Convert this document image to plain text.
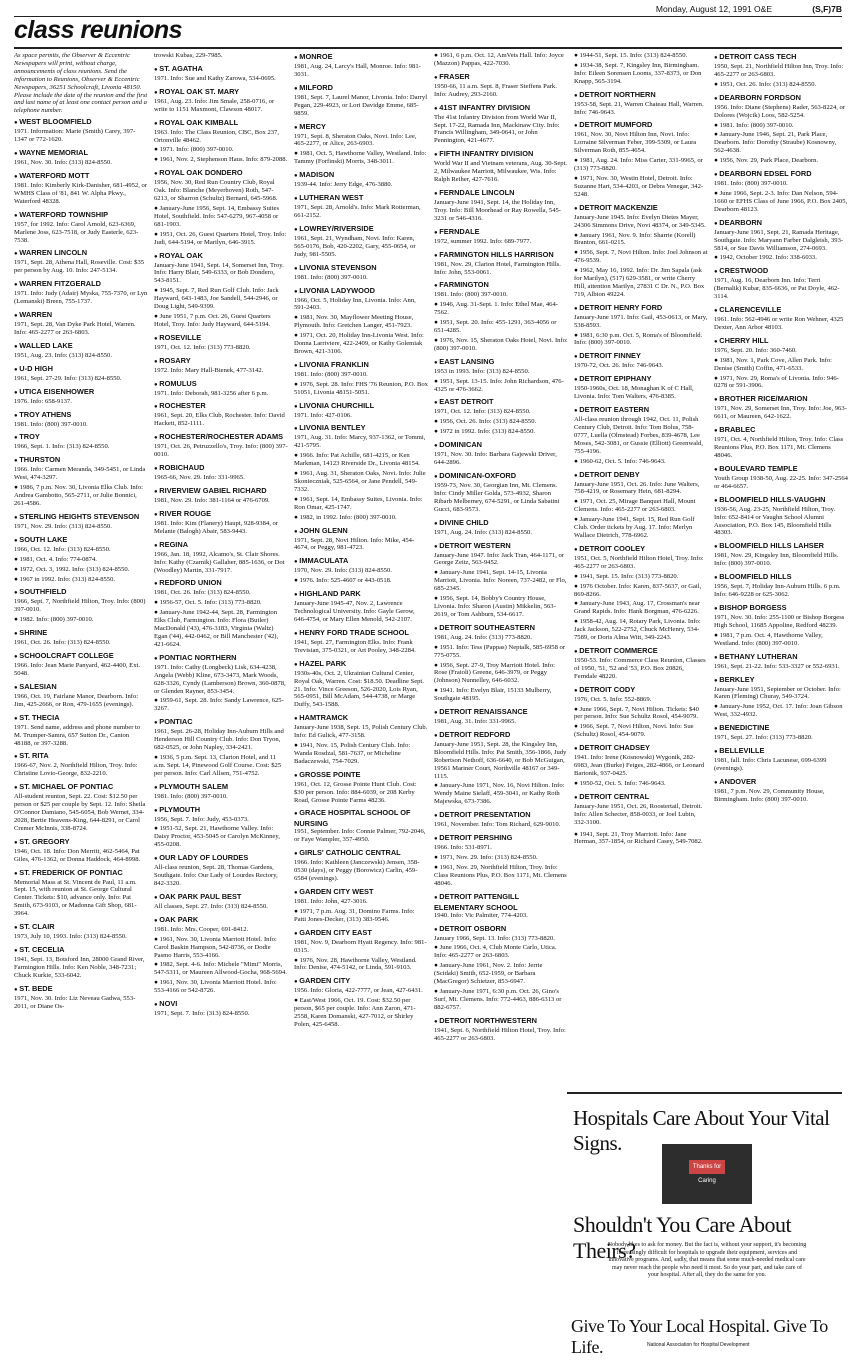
Monday, August 12, 1991 O&E	(S,F)7B
class reunions

As space permits, the Observer & Eccentric Newspapers will print, without charge, announcements of class reunions. Send the information to Reunions, Observer & Eccentric Newspapers, 36251 Schoolcraft, Livonia 48150. Please include the date of the reunion and the first and last name of at least one contact person and a telephone number.

● WEST BLOOMFIELD

1971. Information: Marie (Smith) Carey, 397-1347 or 772-1620.

● WAYNE MEMORIAL

1961, Nov. 30. Info: (313) 824-8550.

● WATERFORD MOTT

1981. Info: Kimberly Kirk-Danisher, 681-4952, or WMHS Class of '81, 841 W. Alpha Pkwy., Waterford 48328.

● WATERFORD TOWNSHIP

1957, for 1992. Info: Carol Arnold, 623-6369, Marlene Joss, 623-7518, or Judy Easterle, 623-7538.

● WARREN LINCOLN

1971, Sept. 28, Athena Hall, Roseville. Cost: $35 per person by Aug. 10. Info: 247-5134.

● WARREN FITZGERALD

1971. Info: Judy (Adair) Myska, 755-7370, or Lyn (Lemanski) Breen, 755-1737.

● WARREN

1971, Sept. 28, Van Dyke Park Hotel, Warren. Info: 465-2277 or 263-6803.

● WALLED LAKE

1951, Aug. 23. Info: (313) 824-8550.

● U-D HIGH

1961, Sept. 27-29. Info: (313) 824-8550.

● UTICA EISENHOWER

1976. Info: 658-9137.

● TROY ATHENS

1981. Info: (800) 397-0010.

● TROY

1966, Sept. 1. Info: (313) 824-8550.

● THURSTON

1966. Info: Carmen Meranda, 349-5451, or Linda West, 474-3297.

● 1986, 7 p.m. Nov. 30, Livonia Elks Club. Info: Andrea Gambotto, 565-2711, or Julie Bonnici, 261-4586.

● STERLING HEIGHTS STEVENSON

1971, Nov. 29. Info: (313) 824-8550.

● SOUTH LAKE

1966, Oct. 12. Info: (313) 824-8550.

● 1981, Oct. 4. Info: 774-0874.

● 1972, Oct. 3, 1992. Info: (313) 824-8550.

● 1967 in 1992. Info: (313) 824-8550.

● SOUTHFIELD

1966, Sept. 7, Northfield Hilton, Troy. Info: (800) 397-0010.

● 1982. Info: (800) 397-0010.

● SHRINE

1961, Oct. 26. Info: (313) 824-8550.

● SCHOOLCRAFT COLLEGE

1966. Info: Jean Marie Panyard, 462-4400, Ext. 5048.

● SALESIAN

1966, Oct. 19, Fairlane Manor, Dearborn. Info: Jim, 425-2666, or Ron, 479-1655 (evenings).

● ST. THECIA

1971. Send name, address and phone number to M. Trumper-Samra, 657 Sutton Dr., Canton 48188, or 397-3288.

● ST. RITA

1966-67, Nov. 2, Northfield Hilton, Troy. Info: Christine Lovio-George, 832-2210.

● ST. MICHAEL OF PONTIAC

All-student reunion, Sept. 22. Cost: $12.50 per person or $25 per couple by Sept. 12. Info: Sheila O'Connor Damiano, 545-6054, Bob Wernet, 334-2028, Bertie Heavens-King, 644-8291, or Carol Cremer McInnis, 338-8724.

● ST. GREGORY

1946, Oct. 18. Info: Don Merritt, 462-5464, Pat Giles, 476-1362, or Donna Haddock, 464-8998.

● ST. FREDERICK OF PONTIAC

Memorial Mass at St. Vincent de Paul, 11 a.m. Sept. 15, with reunion at St. George Cultural Center. Tickets: $10, advance only. Info: Pat Smith, 673-9103, or Madonna Gift Shop, 681-3964.

● ST. CLAIR

1973, July 10, 1993. Info: (313) 824-8550.

● ST. CECELIA

1941, Sept. 13, Botsford Inn, 28000 Grand River, Farmington Hills. Info: Ken Noble, 348-7231; Chuck Kurkie, 533-6042.

● ST. BEDE

1971, Nov. 30. Info: Liz Neveau Gadwa, 553-2011, or Diane Os-

trowski Kubas, 229-7985.

● ST. AGATHA

1971. Info: Sue and Kathy Zarowa, 534-0695.

● ROYAL OAK ST. MARY

1961, Aug. 23. Info: Jim Smale, 258-0716, or write to 1151 Maxmont, Clawson 48017.

● ROYAL OAK KIMBALL

1963. Info: The Class Reunion, CBC, Box 237, Ortonville 48462.

● 1971. Info: (800) 397-0010.

● 1961, Nov. 2, Stephenson Haus. Info: 879-2088.

● ROYAL OAK DONDERO

1956, Nov. 30, Red Run Country Club, Royal Oak. Info: Blanche (Meyerhoven) Roth, 547-6213, or Sharron (Schultz) Bernard, 645-5968.

● January-June 1956, Sept. 14, Embassy Suites Hotel, Southfield. Info: 547-6279, 967-4058 or 681-1903.

● 1951, Oct. 26, Guest Quarters Hotel, Troy. Info: Judi, 644-5194, or Marilyn, 646-3915.

● ROYAL OAK

January-June 1941, Sept. 14, Somerset Inn, Troy. Info: Harry Blair, 549-6333, or Bob Dondero, 543-8151.

● 1945, Sept. 7, Red Run Golf Club. Info: Jack Hayward, 643-1483, Joe Sandell, 544-2946, or Doug Light, 549-9399.

● June 1951, 7 p.m. Oct. 26, Guest Quarters Hotel, Troy. Info: Judy Hayward, 644-5194.

● ROSEVILLE

1971, Oct. 12. Info: (313) 773-8820.

● ROSARY

1972. Info: Mary Hall-Bienek, 477-3142.

● ROMULUS

1971. Info: Deborah, 981-3256 after 6 p.m.

● ROCHESTER

1961, Sept. 20, Elks Club, Rochester. Info: David Hackett, 852-1111.

● ROCHESTER/ROCHESTER ADAMS

1971, Oct. 26, Petruzzello's, Troy. Info: (800) 397-0010.

● ROBICHAUD

1965-66, Nov. 29. Info: 331-9965.

● RIVERVIEW GABIEL RICHARD

1981, Nov. 29. Info: 381-1164 or 476-6709.

● RIVER ROUGE

1981. Info: Kim (Flanery) Haupt, 928-9384, or Melanie (Balogh) Abair, 583-9443.

● REGINA

1966, Jan. 18, 1992, Alcamo's, St. Clair Shores. Info: Kathy (Czarnik) Gallaher, 885-1636, or Dot (Woodley) Martin, 331-7917.

● REDFORD UNION

1981, Oct. 26. Info: (313) 824-8550.

● 1956-57, Oct. 5. Info: (313) 773-8820.

● January-June 1942-44, Sept. 28, Farmington Elks Club, Farmington. Info: Flora (Butler) MacDonald ('43), 476-3183, Virginia (Waltz) Egan ('44), 442-0462, or Bill Manchester ('42), 421-6624.

● PONTIAC NORTHERN

1971. Info: Cathy (Longbeck) Lisk, 634-4238, Angela (Webb) Kline, 673-3473, Mark Woods, 628-3326, Cyndy (Lamberson) Brown, 360-0878, or Glenden Rayner, 853-3454.

● 1959-61, Sept. 28. Info: Sandy Lawrence, 625-3267.

● PONTIAC

1961, Sept. 26-28, Holiday Inn-Auburn Hills and Henderson Hill Country Club. Info: Don Tryon, 682-0525, or John Napley, 334-2421.

● 1936, 5 p.m. Sept. 13, Clarion Hotel, and 11 a.m. Sept. 14, Pinewood Golf Course. Cost: $25 per person. Info: Carl Allsen, 751-4752.

● PLYMOUTH SALEM

1981. Info: (800) 397-0010.

● PLYMOUTH

1956, Sept. 7. Info: Judy, 453-0373.

● 1951-52, Sept. 21, Hawthorne Valley. Info: Daisy Proctor, 453-5045 or Carolyn McKinney, 455-0208.

● OUR LADY OF LOURDES

All-class reunion, Sept. 28, Thomas Gardens, Southgate. Info: Our Lady of Lourdes Rectory, 842-3320.

● OAK PARK PAUL BEST

All classes, Sept. 27. Info: (313) 824-8550.

● OAK PARK

1981. Info: Mrs. Cooper, 691-8412.

● 1961, Nov. 30, Livonia Marriott Hotel. Info: Carol Baskin Hampson, 542-8736, or Dodie Pasmo Harris, 553-4166.

● 1982, Sept. 4-6. Info: Michele "Mimi" Morris, 547-5311, or Maureen Allwood-Gocha, 968-5694.

● 1961, Nov. 30, Livonia Marriott Hotel. Info: 553-4166 or 542-8726.

● NOVI

1971, Sept. 7. Info: (313) 824-8550.

● MONROE

1981, Aug. 24, Larcy's Hall, Monroe. Info: 981-3031.

● MILFORD

1981, Sept. 7, Laurel Manor, Livonia. Info: Darryl Pegan, 229-4923, or Lori Davidge Emme, 685-9859.

● MERCY

1971, Sept. 8, Sheraton Oaks, Novi. Info: Lee, 465-2277, or Alice, 263-6903.

● 1981, Oct. 5, Hawthorne Valley, Westland. Info: Tammy (Forfinski) Morris, 348-3011.

● MADISON

1939-44. Info: Jerry Edge, 476-3880.

● LUTHERAN WEST

1971, Sept. 28, Arnold's. Info: Mark Rotterman, 661-2152.

● LOWREY/RIVERSIDE

1961, Sept. 21, Wyndham, Novi. Info: Karen, 565-0176, Bob, 420-2202, Gary, 455-0654, or Judy, 981-5505.

● LIVONIA STEVENSON

1981. Info: (800) 397-0010.

● LIVONIA LADYWOOD

1966, Oct. 5, Holiday Inn, Livonia. Info: Ann, 591-2403.

● 1981, Nov. 30, Mayflower Meeting House, Plymouth. Info: Gretchen Langer, 451-7923.

● 1971, Oct. 20, Holiday Inn-Livonia West. Info: Donna Larriviere, 422-2409, or Kathy Golemiak Brown, 421-3106.

● LIVONIA FRANKLIN

1981. Info: (800) 397-0010.

● 1976, Sept. 28. Info: FHS '76 Reunion, P.O. Box 51051, Livonia 48151-5051.

● LIVONIA CHURCHILL

1971. Info: 427-0106.

● LIVONIA BENTLEY

1971, Aug. 31. Info: Marcy, 937-1362, or Tommi, 421-5795.

● 1966. Info: Pat Achille, 681-4215, or Ken Markman, 14123 Riverside Dr., Livonia 48154.

● 1961, Aug. 31, Sheraton Oaks, Novi. Info: Julie Skonieczniak, 525-6564, or Jane Pendell, 549-7332.

● 1961, Sept. 14, Embassy Suites, Livonia. Info: Ron Omar, 425-1747.

● 1982, in 1992. Info: (800) 397-0010.

● JOHN GLENN

1971, Sept. 28, Novi Hilton. Info: Mike, 454-4674, or Peggy, 981-4723.

● IMMACULATA

1970, Nov. 29. Info: (313) 824-8550.

● 1976. Info: 525-4607 or 443-0518.

● HIGHLAND PARK

January-June 1945-47, Nov. 2, Lawrence Technological University. Info: Gayle Gerow, 646-4754, or Mary Ellen Menold, 542-2107.

● HENRY FORD TRADE SCHOOL

1941, Sept. 27, Farmington Elks. Info: Frank Trevisian, 375-0321, or Art Pooley, 348-2284.

● HAZEL PARK

1930s-40s, Oct. 2, Ukrainian Cultural Center, Royal Oak, Warren. Cost: $18.50. Deadline Sept. 21. Info: Vince Greeson, 526-2020, Lois Ryan, 565-0951, Bill McAdam, 544-4738, or Marge Duffy, 543-1588.

● HAMTRAMCK

January-June 1938, Sept. 15, Polish Century Club. Info: Ed Gulick, 477-3158.

● 1941, Nov. 15, Polish Century Club. Info: Wanda Rosdzal, 581-7637, or Micheline Badaczewski, 754-7029.

● GROSSE POINTE

1961, Oct. 12, Grosse Pointe Hunt Club. Cost: $30 per person. Info: 884-6039, or 208 Kerby Road, Grosse Pointe Farms 48236.

● GRACE HOSPITAL SCHOOL OF NURSING

1951, September. Info: Connie Palmer, 792-2046, or Faye Wampler, 357-4950.

● GIRLS' CATHOLIC CENTRAL

1966. Info: Kathleen (Janczewski) Jensen, 358-0530 (days), or Peggy (Borowicz) Carlin, 459-6584 (evenings).

● GARDEN CITY WEST

1981. Info: John, 427-3016.

● 1971, 7 p.m. Aug. 31, Domino Farms. Info: Patti Jones-Decker, (313) 383-9546.

● GARDEN CITY EAST

1981, Nov. 9, Dearborn Hyatt Regency. Info: 981-0315.

● 1976, Nov. 28, Hawthorne Valley, Westland. Info: Denise, 474-5142, or Linda, 591-9103.

● GARDEN CITY

1956. Info: Gloria, 422-7777, or Jean, 427-6431.

● East/West 1966, Oct. 19. Cost: $32.50 per person, $65 per couple. Info: Ann Zaron, 471-2558, Karen Domanski, 427-7012, or Shirley Polen, 425-6458.

● 1961, 6 p.m. Oct. 12, AmVets Hall. Info: Joyce (Mazzon) Pappas, 422-7030.

● FRASER

1950-66, 11 a.m. Sept. 8, Fraser Steffens Park. Info: Audrey, 293-2160.

● 41ST INFANTRY DIVISION

The 41st Infantry Division from World War II, Sept. 17-22, Ramada Inn, Mackinaw City. Info: Francis Willingham, 349-0641, or John Pennington, 421-4677.

● FIFTH INFANTRY DIVISION

World War II and Vietnam veterans, Aug. 30-Sept. 2, Milwaukee Marriott, Milwaukee, Wis. Info: Ralph Reiher, 427-7616.

● FERNDALE LINCOLN

January-June 1941, Sept. 14, the Holiday Inn, Troy. Info: Bill Moorhead or Ray Rowella, 545-3231 or 546-4316.

● FERNDALE

1972, summer 1992. Info: 689-7977.

● FARMINGTON HILLS HARRISON

1981, Nov. 29, Clarion Hotel, Farmington Hills. Info: John, 553-0061.

● FARMINGTON

1981. Info: (800) 397-0010.

● 1946, Aug. 31-Sept. 1. Info: Ethel Mae, 464-7562.

● 1951, Sept. 20. Info: 455-1291, 363-4056 or 651-4285.

● 1976, Nov. 15, Sheraton Oaks Hotel, Novi. Info: (800) 397-0010.

● EAST LANSING

1953 in 1993. Info: (313) 824-8550.

● 1951, Sept. 13-15. Info: John Richardson, 476-4325 or 476-3662.

● EAST DETROIT

1971, Oct. 12. Info: (313) 824-8550.

● 1956, Oct. 26. Info: (313) 824-8550.

● 1972 in 1992. Info: (313) 824-8550.

● DOMINICAN

1971, Nov. 30. Info: Barbara Gajewski Driver, 644-2896.

● DOMINICAN-OXFORD

1959-73, Nov. 30, Georgian Inn, Mt. Clemens. Info: Cindy Miller Golda, 573-4932, Sharon Ribarb Melberney, 674-5291, or Linda Sabatini Gucci, 683-9573.

● DIVINE CHILD

1971, Aug. 24. Info: (313) 824-8550.

● DETROIT WESTERN

January-June 1947. Info: Jack Tran, 464-1171, or George Zeitz, 563-9452.

● January-June 1941, Sept. 14-15, Livonia Marriott, Livonia. Info: Noreen, 737-2482, or Flo, 685-2345.

● 1956, Sept. 14, Bobby's Country House, Livonia. Info: Sharon (Austin) Mikkelin, 563-2619, or Tom Ashburn, 534-6617.

● DETROIT SOUTHEASTERN

1981, Aug. 24. Info: (313) 773-8820.

● 1951. Info: Tess (Pappas) Neptalk, 585-6958 or 775-0755.

● 1956, Sept. 27-9, Troy Marriott Hotel. Info: Rose (Fraioli) Greene, 646-3979, or Peggy (Johnson) Nunnelley, 646-6032.

● 1941. Info: Evelyn Blair, 15133 Mulberry, Southgate 48195.

● DETROIT RENAISSANCE

1981, Aug. 31. Info: 331-9965.

● DETROIT REDFORD

January-June 1951, Sept. 28, the Kingsley Inn, Bloomfield Hills. Info: Pat Smith, 356-1866, Judy Robertson Nethoff, 636-6640, or Bob McGuigan, 19561 Mariner Court, Northville 48167 or 349-1115.

● January-June 1971, Nov. 16, Novi Hilton. Info: Wendy Maine Sielaff, 459-3041, or Kathy Roth Majewska, 673-7386.

● DETROIT PRESENTATION

1961, November. Info: Tom Richard, 629-9010.

● DETROIT PERSHING

1966. Info: 531-8971.

● 1971, Nov. 29. Info: (313) 824-8550.

● 1961, Nov. 29, Northfield Hilton, Troy. Info: Class Reunions Plus, P.O. Box 1171, Mt. Clemens 48046.

● DETROIT PATTENGILL ELEMENTARY SCHOOL

1940. Info: Vic Palmiter, 774-4203.

● DETROIT OSBORN

January 1966, Sept. 13. Info: (313) 773-8820.

● June 1966, Oct. 4, Club Monte Carlo, Utica. Info: 465-2277 or 263-6803.

● January-June 1961, Nov. 2. Info: Jerrie (Scidaki) Smith, 652-1959, or Barbara (MacGregor) Schietzer, 853-6947.

● January-June 1971, 6:30 p.m. Oct. 26, Gino's Surf, Mt. Clemens. Info: 772-4463, 886-6313 or 882-6757.

● DETROIT NORTHWESTERN

1941, Sept. 6, Northfield Hilton Hotel, Troy. Info: 465-2277 or 263-6803.

● 1944-51, Sept. 15. Info: (313) 824-8550.

● 1934-38, Sept. 7, Kingsley Inn, Birmingham. Info: Eileen Sorensen Looms, 337-8373, or Don Knapp, 565-3194.

● DETROIT NORTHERN

1953-58, Sept. 21, Warren Chateau Hall, Warren. Info: 746-9643.

● DETROIT MUMFORD

1961, Nov. 30, Novi Hilton Inn, Novi. Info: Lorraine Silverman Feber, 399-5309, or Laura Silverman Roth, 855-4654.

● 1981, Aug. 24. Info: Miss Carter, 331-9965, or (313) 773-8820.

● 1971, Nov. 30, Westin Hotel, Detroit. Info: Suzanne Hart, 534-4203, or Debra Venegar, 342-5248.

● DETROIT MACKENZIE

January-June 1945. Info: Evelyn Dietes Mayer, 24306 Simmons Drive, Novi 48374, or 349-5345.

● January 1961, Nov. 9. Info: Sharrie (Korell) Branton, 661-0215.

● 1956, Sept. 7, Novi Hilton. Info: Joel Johnson at 476-9539.

● 1962, May 16, 1992. Info: Dr. Jim Sapala (ask for Marilyn), (517) 629-3581, or write Cherry Hill, attention Marilyn, 27831 C Dr. N., P.O. Box 719, Albion 49224.

● DETROIT HENRY FORD

January-June 1971. Info: Gail, 453-0613, or Mary, 538-8593.

● 1981, 6:30 p.m. Oct. 5, Roma's of Bloomfield. Info: (800) 397-0010.

● DETROIT FINNEY

1970-72, Oct. 26. Info: 746-9643.

● DETROIT EPIPHANY

1950-1960s, Oct. 18, Monaghan K of C Hall, Livonia. Info: Tom Walters, 476-8385.

● DETROIT EASTERN

All-class reunion through 1942, Oct. 11, Polish Century Club, Detroit. Info: Tom Bolus, 758-0777, Luella (Olmstead) Forbes, 839-4678, Lee Moses, 542-3081, or Gussie (Elliott) Greenwald, 755-4196.

● 1960-62, Oct. 5. Info: 746-9643.

● DETROIT DENBY

January-June 1951, Oct. 26. Info: June Walters, 758-4219, or Rosemary Hein, 681-8294.

● 1971, Oct. 25, Mirage Banquet Hall, Mount Clemens. Info: 465-2277 or 263-6803.

● January-June 1941, Sept. 15, Red Run Golf Club. Order tickets by Aug. 17. Info: Merlyn Wallace Dietrich, 778-6962.

● DETROIT COOLEY

1951, Oct. 5, Northfield Hilton Hotel, Troy. Info: 465-2277 or 263-6803.

● 1941, Sept. 15. Info: (313) 773-8820.

● 1976 October. Info: Karen, 837-5637, or Gail, 869-8266.

● January-June 1943, Aug. 17, Crossman's near Grand Rapids. Info: Hank Borgman, 476-6226.

● 1958-42, Aug. 14, Rotary Park, Livonia. Info: Jack Jackson, 522-2752, Chuck McHenry, 534-7589, or Doris Alma Witt, 349-2243.

● DETROIT COMMERCE

1950-53. Info: Commerce Class Reunion, Classes of 1950, '51, '52 and '53, P.O. Box 20826, Ferndale 48220.

● DETROIT CODY

1976, Oct. 5. Info: 552-8869.

● June 1966, Sept. 7, Novi Hilton. Tickets: $40 per person. Info: Sue Schultz Rosol, 454-9079.

● 1966, Sept. 7, Novi Hilton, Novi. Info: Sue (Schultz) Rosol, 454-9079.

● DETROIT CHADSEY

1941. Info: Irene (Kosnowski) Wygonik, 282-6983, Jean (Burke) Feiges, 282-4866, or Leonard Bartonik, 937-0425.

● 1950-52, Oct. 5. Info: 746-9643.

● DETROIT CENTRAL

January-June 1951, Oct. 26, Roostertail, Detroit. Info: Allen Schecter, 858-0033, or Joel Lubin, 332-3100.

● 1941, Sept. 21, Troy Marriott. Info: Jane Herman, 357-1854, or Richard Casey, 549-7082.

● DETROIT CASS TECH

1950, Sept. 21, Northfield Hilton Inn, Troy. Info: 465-2277 or 263-6803.

● 1951, Oct. 26. Info: (313) 824-8550.

● DEARBORN FORDSON

1956. Info: Diane (Stephens) Rader, 563-8224, or Dolores (Wojcik) Loos, 582-5254.

● 1981. Info: (800) 397-0010.

● January-June 1946, Sept. 21, Park Place, Dearborn. Info: Dorothy (Straube) Kosnowny, 562-4638.

● 1956, Nov. 29, Park Place, Dearborn.

● DEARBORN EDSEL FORD

1981. Info: (800) 397-0010.

● June 1966, Sept. 2-3. Info: Dan Nelson, 594-1660 or EFHS Class of June 1966, P.O. Box 2405, Dearborn 48123.

● DEARBORN

January-June 1961, Sept. 21, Ramada Heritage, Southgate. Info: Maryann Farber Dalgleish, 393-5814, or Sue Davis Williamson, 274-0693.

● 1942, October 1992. Info: 338-6033.

● CRESTWOOD

1971, Aug. 16, Dearborn Inn. Info: Terri (Bernalik) Kubar, 835-6636, or Pat Doyle, 462-3114.

● CLARENCEVILLE

1961. Info: 562-4946 or write Ron Wehner, 4325 Dexter, Ann Arbor 48103.

● CHERRY HILL

1976, Sept. 20. Info: 360-7460.

● 1981, Nov. 1, Park Cove, Allen Park. Info: Denise (Smith) Coffin, 471-6533.

● 1971, Nov. 29, Roma's of Livonia. Info: 946-0278 or 591-3906.

● BROTHER RICE/MARION

1971, Nov. 29, Somerset Inn, Troy. Info: Joe, 963-6611, or Maureen, 642-1622.

● BRABLEC

1971, Oct. 4, Northfield Hilton, Troy. Info: Class Reunions Plus, P.O. Box 1171, Mt. Clemens 48046.

● BOULEVARD TEMPLE

Youth Group 1938-50, Aug. 22-25. Info: 347-2564 or 464-6657.

● BLOOMFIELD HILLS-VAUGHN

1936-56, Aug. 23-25, Northfield Hilton, Troy. Info: 652-8414 or Vaughn School Alumni Association, P.O. Box 145, Bloomfield Hills 48303.

● BLOOMFIELD HILLS LAHSER

1981, Nov. 29, Kingsley Inn, Bloomfield Hills. Info: (800) 397-0010.

● BLOOMFIELD HILLS

1956, Sept. 7, Holiday Inn-Auburn Hills. 6 p.m. Info: 646-9228 or 625-3062.

● BISHOP BORGESS

1971, Nov. 30. Info: 255-1100 or Bishop Borgess High School, 11685 Appoline, Redford 48239.

● 1981, 7 p.m. Oct. 4, Hawthorne Valley, Westland. Info: (800) 397-0010.

● BETHANY LUTHERAN

1961, Sept. 21-22. Info: 533-3327 or 552-6931.

● BERKLEY

January-June 1951, September or October. Info: Karen (Fleming) Churay, 549-3724.

● January-June 1952, Oct. 17. Info: Joan Gibson West, 332-4932.

● BENEDICTINE

1971, Sept. 27. Info: (313) 773-8820.

● BELLEVILLE

1981, fall. Info: Chris Lacunese, 699-6399 (evenings).

● ANDOVER

1981, 7 p.m. Nov. 29, Community House, Birmingham. Info: (800) 397-0010.

Hospitals Care About Your Vital Signs.
Thanks for Caring
Shouldn't You Care About Theirs?
Nobody likes to ask for money. But the fact is, without your support, it's becoming increasingly difficult for hospitals to upgrade their equipment, services and innovative programs. And, sadly, that means that some much-needed medical care may never reach the people who need it most. So do your part, and take care of your hospital. After all, they do the same for you.
Give To Your Local Hospital. Give To Life.	National Association for Hospital Development
